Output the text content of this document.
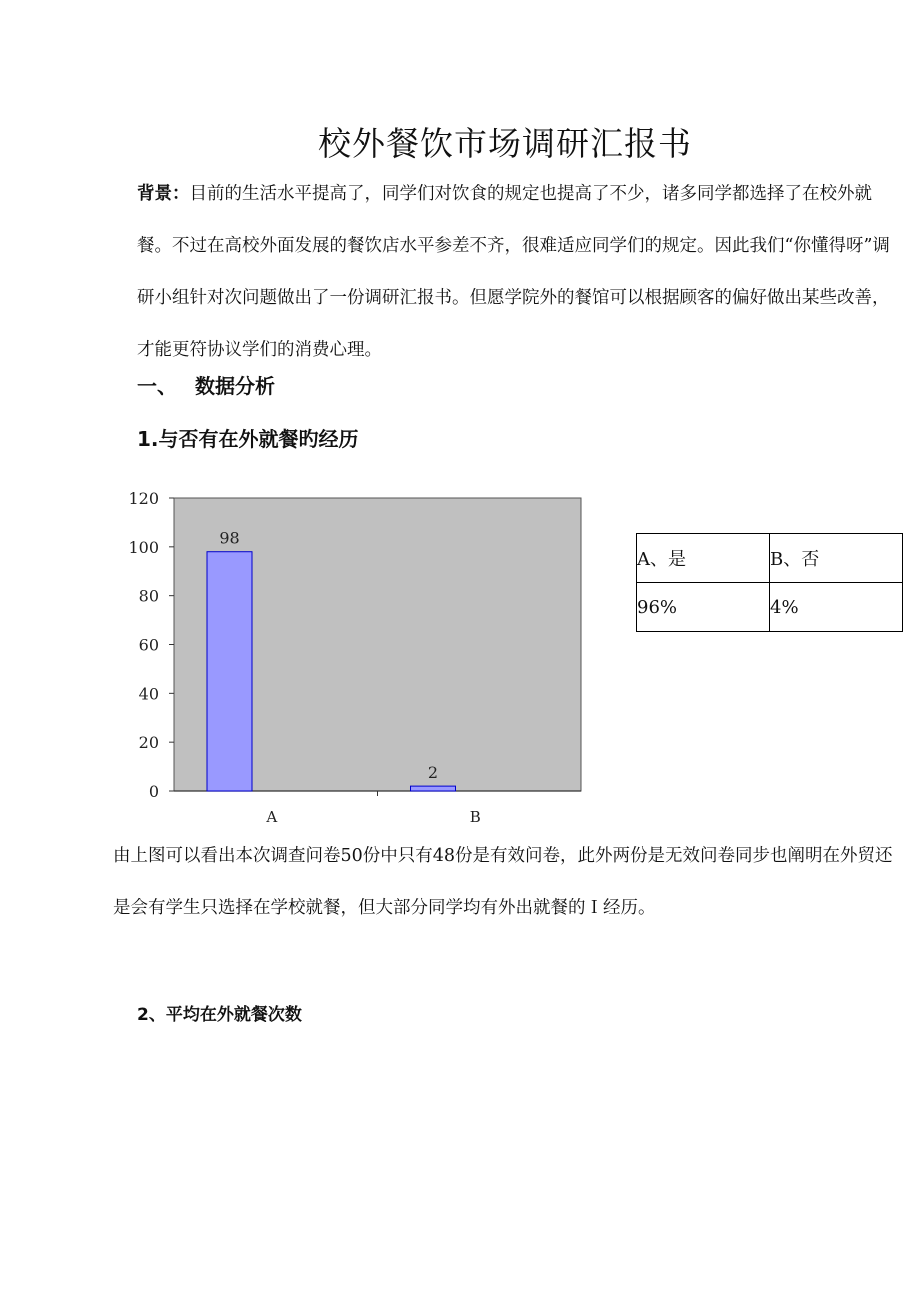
校外餐饮市场调研汇报书

背景：目前的生活水平提高了，同学们对饮食的规定也提高了不少，诸多同学都选择了在校外就餐。不过在高校外面发展的餐饮店水平参差不齐，很难适应同学们的规定。因此我们“你懂得呀”调研小组针对次问题做出了一份调研汇报书。但愿学院外的餐馆可以根据顾客的偏好做出某些改善，才能更符协议学们的消费心理。

一、 数据分析
1.与否有在外就餐旳经历
0
20
40
60
80
100
120
98
A
2
B
A、是	B、否
96%	4%

由上图可以看出本次调查问卷50份中只有48份是有效问卷，此外两份是无效问卷同步也阐明在外贸还是会有学生只选择在学校就餐，但大部分同学均有外出就餐的Ｉ经历。

2、平均在外就餐次数
